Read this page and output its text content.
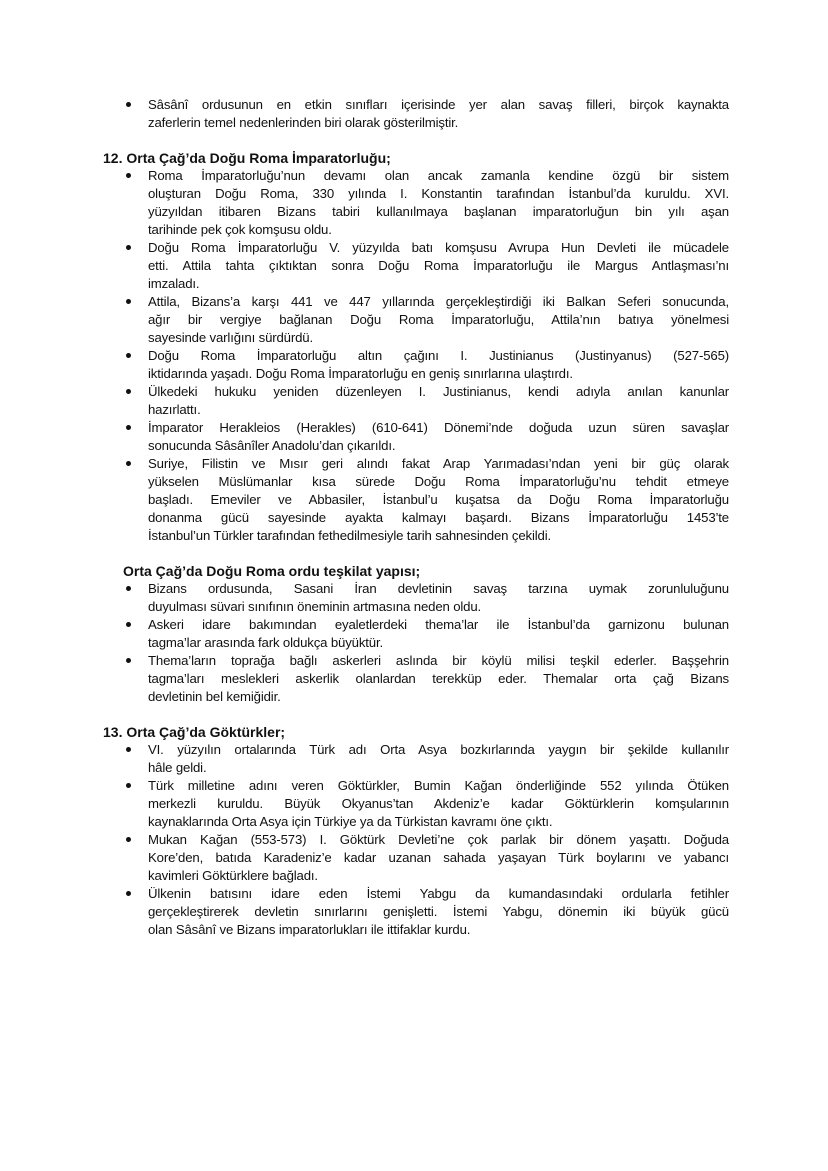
Sâsânî ordusunun en etkin sınıfları içerisinde yer alan savaş filleri, birçok kaynakta
zaferlerin temel nedenlerinden biri olarak gösterilmiştir.
12. Orta Çağ’da Doğu Roma İmparatorluğu;
Roma İmparatorluğu’nun devamı olan ancak zamanla kendine özgü bir sistem
oluşturan Doğu Roma, 330 yılında I. Konstantin tarafından İstanbul’da kuruldu. XVI.
yüzyıldan itibaren Bizans tabiri kullanılmaya başlanan imparatorluğun bin yılı aşan
tarihinde pek çok komşusu oldu.
Doğu Roma İmparatorluğu V. yüzyılda batı komşusu Avrupa Hun Devleti ile mücadele
etti. Attila tahta çıktıktan sonra Doğu Roma İmparatorluğu ile Margus Antlaşması’nı
imzaladı.
Attila, Bizans’a karşı 441 ve 447 yıllarında gerçekleştirdiği iki Balkan Seferi sonucunda,
ağır bir vergiye bağlanan Doğu Roma İmparatorluğu, Attila’nın batıya yönelmesi
sayesinde varlığını sürdürdü.
Doğu Roma İmparatorluğu altın çağını I. Justinianus (Justinyanus) (527-565)
iktidarında yaşadı. Doğu Roma İmparatorluğu en geniş sınırlarına ulaştırdı.
Ülkedeki hukuku yeniden düzenleyen I. Justinianus, kendi adıyla anılan kanunlar
hazırlattı.
İmparator Herakleios (Herakles) (610-641) Dönemi’nde doğuda uzun süren savaşlar
sonucunda Sâsânîler Anadolu’dan çıkarıldı.
Suriye, Filistin ve Mısır geri alındı fakat Arap Yarımadası’ndan yeni bir güç olarak
yükselen Müslümanlar kısa sürede Doğu Roma İmparatorluğu’nu tehdit etmeye
başladı. Emeviler ve Abbasiler, İstanbul’u kuşatsa da Doğu Roma İmparatorluğu
donanma gücü sayesinde ayakta kalmayı başardı. Bizans İmparatorluğu 1453’te
İstanbul’un Türkler tarafından fethedilmesiyle tarih sahnesinden çekildi.
Orta Çağ’da Doğu Roma ordu teşkilat yapısı;
Bizans ordusunda, Sasani İran devletinin savaş tarzına uymak zorunluluğunu
duyulması süvari sınıfının öneminin artmasına neden oldu.
Askeri idare bakımından eyaletlerdeki thema’lar ile İstanbul’da garnizonu bulunan
tagma’lar arasında fark oldukça büyüktür.
Thema’ların toprağa bağlı askerleri aslında bir köylü milisi teşkil ederler. Başşehrin
tagma’ları meslekleri askerlik olanlardan terekküp eder. Themalar orta çağ Bizans
devletinin bel kemiğidir.
13. Orta Çağ’da Göktürkler;
VI. yüzyılın ortalarında Türk adı Orta Asya bozkırlarında yaygın bir şekilde kullanılır
hâle geldi.
Türk milletine adını veren Göktürkler, Bumin Kağan önderliğinde 552 yılında Ötüken
merkezli kuruldu. Büyük Okyanus’tan Akdeniz’e kadar Göktürklerin komşularının
kaynaklarında Orta Asya için Türkiye ya da Türkistan kavramı öne çıktı.
Mukan Kağan (553-573) I. Göktürk Devleti’ne çok parlak bir dönem yaşattı. Doğuda
Kore’den, batıda Karadeniz’e kadar uzanan sahada yaşayan Türk boylarını ve yabancı
kavimleri Göktürklere bağladı.
Ülkenin batısını idare eden İstemi Yabgu da kumandasındaki ordularla fetihler
gerçekleştirerek devletin sınırlarını genişletti. İstemi Yabgu, dönemin iki büyük gücü
olan Sâsânî ve Bizans imparatorlukları ile ittifaklar kurdu.
